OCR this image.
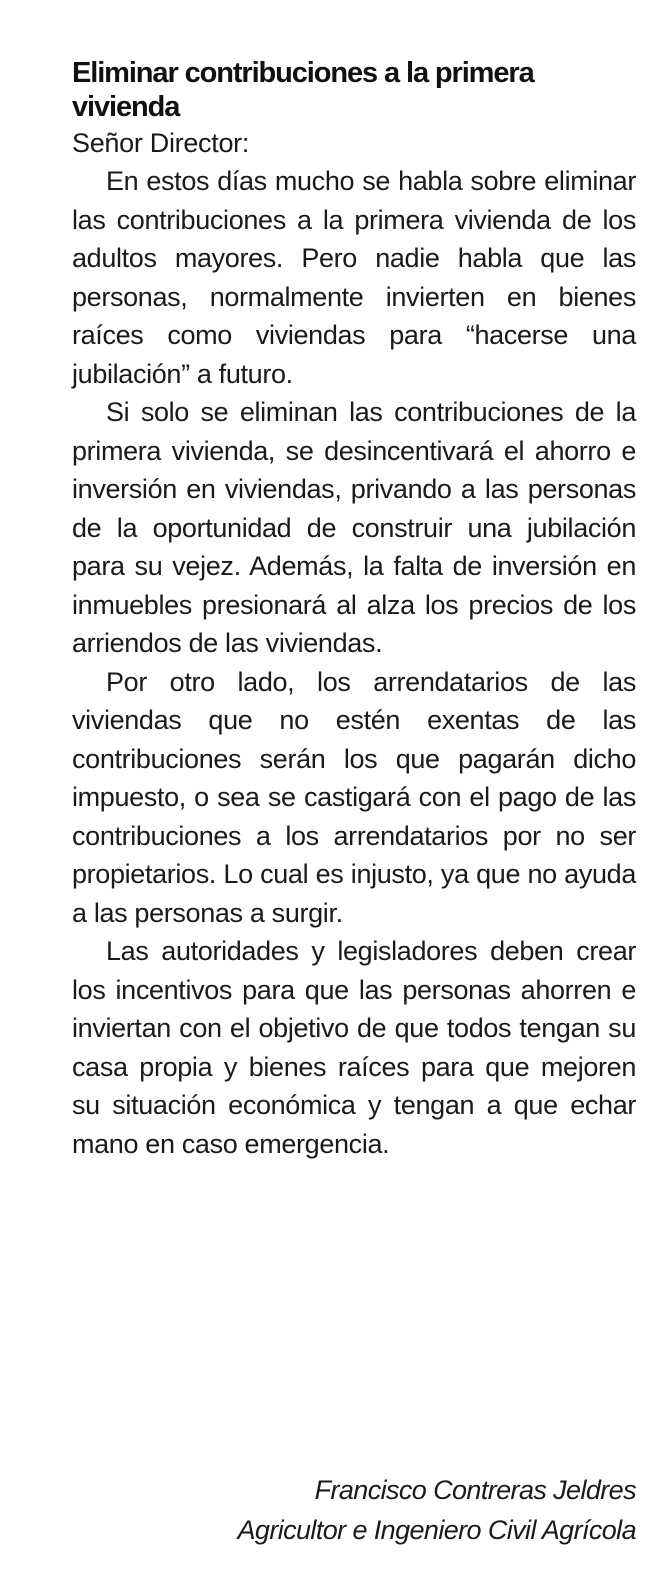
Eliminar contribuciones a la primera vivienda

Señor Director:

En estos días mucho se habla sobre eliminar las contribuciones a la primera vivienda de los adultos mayores. Pero nadie habla que las personas, normalmente invierten en bienes raíces como viviendas para “hacerse una jubilación” a futuro.

Si solo se eliminan las contribuciones de la primera vivienda, se desincentivará el ahorro e inversión en viviendas, privando a las personas de la oportunidad de construir una jubilación para su vejez. Además, la falta de inversión en inmuebles presionará al alza los precios de los arriendos de las viviendas.

Por otro lado, los arrendatarios de las viviendas que no estén exentas de las contribuciones serán los que pagarán dicho impuesto, o sea se castigará con el pago de las contribuciones a los arrendatarios por no ser propietarios. Lo cual es injusto, ya que no ayuda a las personas a surgir.

Las autoridades y legisladores deben crear los incentivos para que las personas ahorren e inviertan con el objetivo de que todos tengan su casa propia y bienes raíces para que mejoren su situación económica y tengan a que echar mano en caso emergencia.

Francisco Contreras Jeldres
Agricultor e Ingeniero Civil Agrícola
